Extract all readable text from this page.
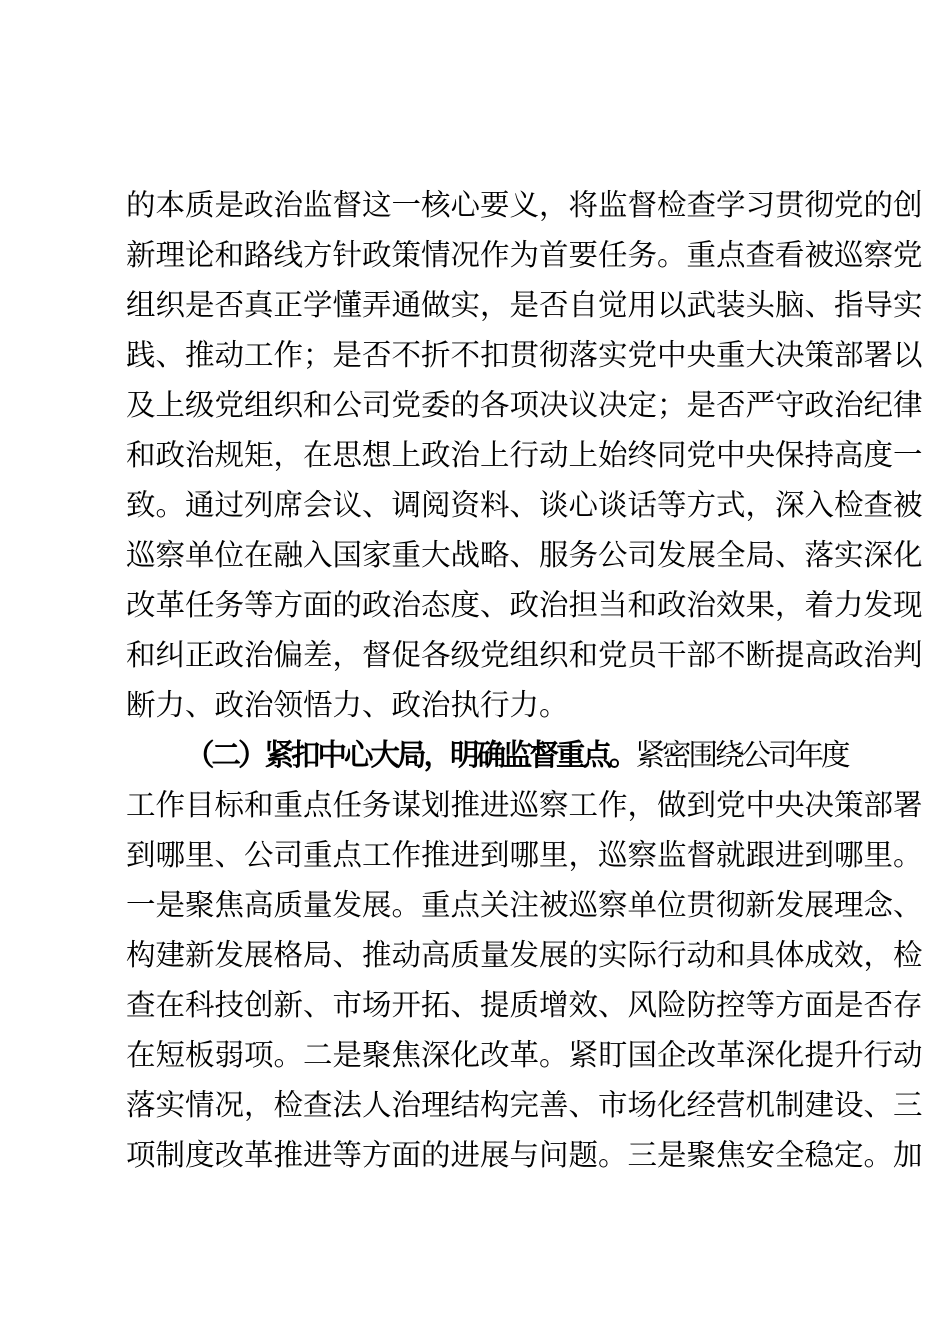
的本质是政治监督这一核心要义，将监督检查学习贯彻党的创
新理论和路线方针政策情况作为首要任务。重点查看被巡察党
组织是否真正学懂弄通做实，是否自觉用以武装头脑、指导实
践、推动工作；是否不折不扣贯彻落实党中央重大决策部署以
及上级党组织和公司党委的各项决议决定；是否严守政治纪律
和政治规矩，在思想上政治上行动上始终同党中央保持高度一
致。通过列席会议、调阅资料、谈心谈话等方式，深入检查被
巡察单位在融入国家重大战略、服务公司发展全局、落实深化
改革任务等方面的政治态度、政治担当和政治效果，着力发现
和纠正政治偏差，督促各级党组织和党员干部不断提高政治判
断力、政治领悟力、政治执行力。
（二）紧扣中心大局，明确监督重点。紧密围绕公司年度
工作目标和重点任务谋划推进巡察工作，做到党中央决策部署
到哪里、公司重点工作推进到哪里，巡察监督就跟进到哪里。
一是聚焦高质量发展。重点关注被巡察单位贯彻新发展理念、
构建新发展格局、推动高质量发展的实际行动和具体成效，检
查在科技创新、市场开拓、提质增效、风险防控等方面是否存
在短板弱项。二是聚焦深化改革。紧盯国企改革深化提升行动
落实情况，检查法人治理结构完善、市场化经营机制建设、三
项制度改革推进等方面的进展与问题。三是聚焦安全稳定。加
